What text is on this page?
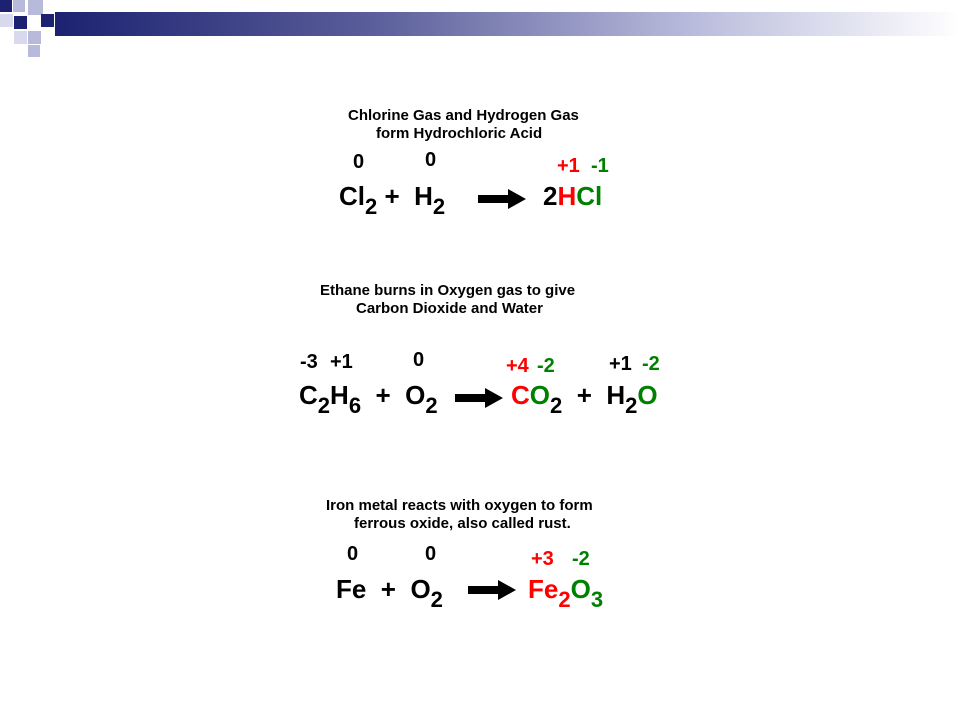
Chlorine Gas and Hydrogen Gas
form Hydrochloric Acid
0	0	+1 -1
$Cl_2 + H_2 \to 2HCl$
Ethane burns in Oxygen gas to give
Carbon Dioxide and Water
-3 +1	0	+4 -2	+1 -2
$C_2H_6 + O_2 \to CO_2 + H_2O$
Iron metal reacts with oxygen to form
ferrous oxide, also called rust.
0	0	+3 -2
$Fe + O_2 \to Fe_2O_3$
